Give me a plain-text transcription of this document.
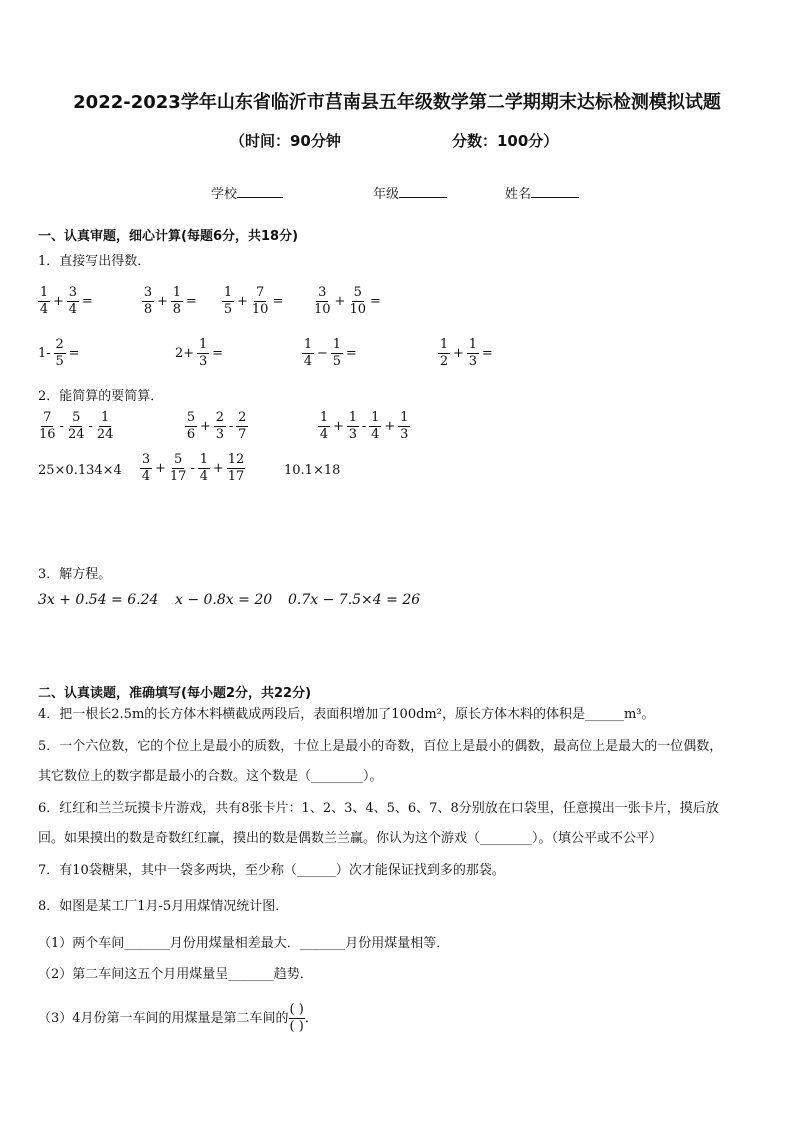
2022-2023学年山东省临沂市莒南县五年级数学第二学期期末达标检测模拟试题
（时间：90分钟	分数：100分）
学校	年级	姓名
一、认真审题，细心计算(每题6分，共18分)
1．直接写出得数．
$\frac{1}{4} + \frac{3}{4}$ =	$\frac{3}{8} + \frac{1}{8} = \frac{1}{5} + \frac{7}{10} = \frac{3}{10} + \frac{5}{10}$ =
$1- \frac{2}{5}$ =	$2+ \frac{1}{3}$ =	$\frac{1}{4} - \frac{1}{5}$ =	$\frac{1}{2} + \frac{1}{3}$ =
2．能简算的要简算．
$\frac{7}{16} - \frac{5}{24} - \frac{1}{24}$	$\frac{5}{6} + \frac{2}{3} - \frac{2}{7}$	$\frac{1}{4} + \frac{1}{3} - \frac{1}{4} + \frac{1}{3}$
$25\times 0.134\times 4 \frac{3}{4} + \frac{5}{17} - \frac{1}{4} + \frac{12}{17}$	10.1×18
3．解方程。
3x + 0.54 = 6.24 x − 0.8x = 20 0.7x − 7.5×4 = 26
二、认真读题，准确填写(每小题2分，共22分)
4．把一根长2.5m的长方体木料横截成两段后，表面积增加了100dm²，原长方体木料的体积是______m³。
5．一个六位数，它的个位上是最小的质数，十位上是最小的奇数，百位上是最小的偶数，最高位上是最大的一位偶数，
其它数位上的数字都是最小的合数。这个数是（________）。
6．红红和兰兰玩摸卡片游戏，共有8张卡片：1、2、3、4、5、6、7、8分别放在口袋里，任意摸出一张卡片，摸后放
回。如果摸出的数是奇数红红赢，摸出的数是偶数兰兰赢。你认为这个游戏（________）。（填公平或不公平）
7．有10袋糖果，其中一袋多两块，至少称（______）次才能保证找到多的那袋。
8．如图是某工厂1月-5月用煤情况统计图．
（1）两个车间_______月份用煤量相差最大．_______月份用煤量相等．
（2）第二车间这五个月用煤量呈_______趋势．
（3）4月份第一车间的用煤量是第二车间的 $\frac{( )}{( )}$ ．
